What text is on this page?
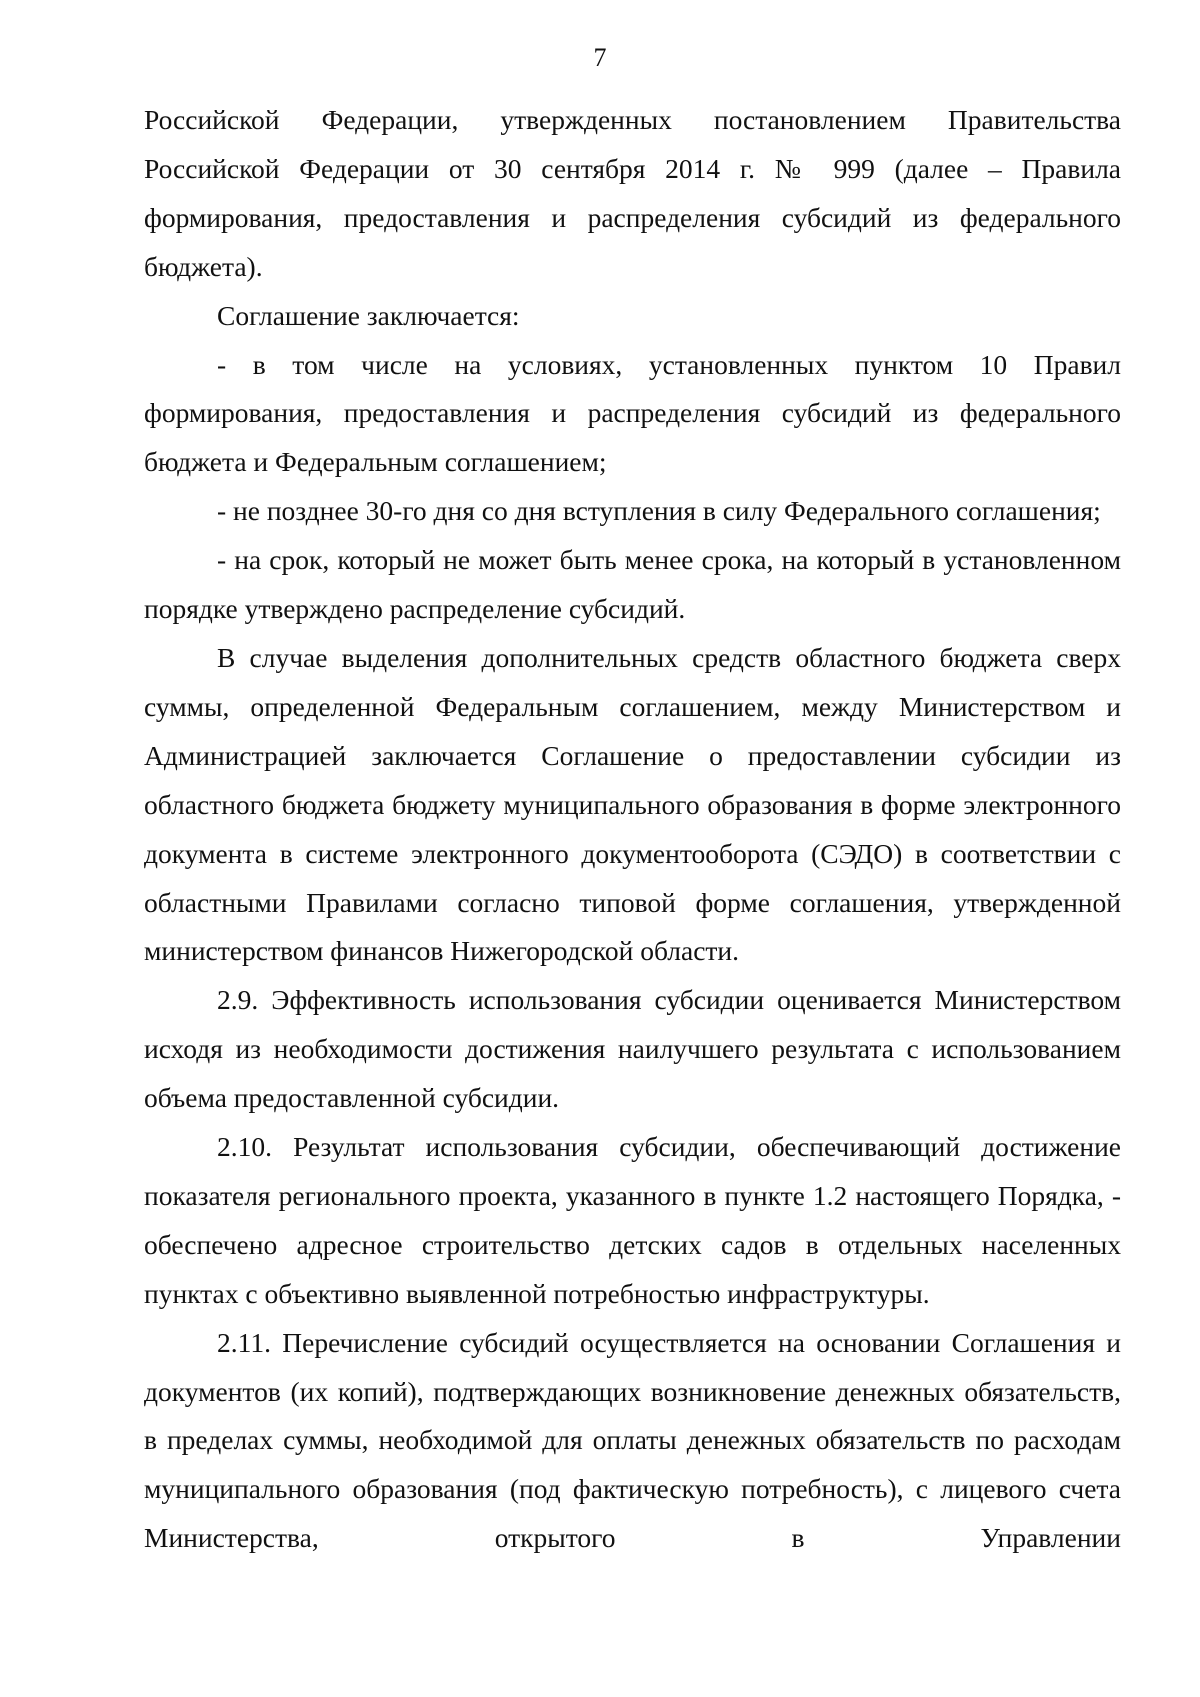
7

Российской Федерации, утвержденных постановлением Правительства Российской Федерации от 30 сентября 2014 г. № 999 (далее – Правила формирования, предоставления и распределения субсидий из федерального бюджета).

Соглашение заключается:

- в том числе на условиях, установленных пунктом 10 Правил формирования, предоставления и распределения субсидий из федерального бюджета и Федеральным соглашением;

- не позднее 30-го дня со дня вступления в силу Федерального соглашения;

- на срок, который не может быть менее срока, на который в установленном порядке утверждено распределение субсидий.

В случае выделения дополнительных средств областного бюджета сверх суммы, определенной Федеральным соглашением, между Министерством и Администрацией заключается Соглашение о предоставлении субсидии из областного бюджета бюджету муниципального образования в форме электронного документа в системе электронного документооборота (СЭДО) в соответствии с областными Правилами согласно типовой форме соглашения, утвержденной министерством финансов Нижегородской области.

2.9. Эффективность использования субсидии оценивается Министерством исходя из необходимости достижения наилучшего результата с использованием объема предоставленной субсидии.

2.10. Результат использования субсидии, обеспечивающий достижение показателя регионального проекта, указанного в пункте 1.2 настоящего Порядка, - обеспечено адресное строительство детских садов в отдельных населенных пунктах с объективно выявленной потребностью инфраструктуры.

2.11. Перечисление субсидий осуществляется на основании Соглашения и документов (их копий), подтверждающих возникновение денежных обязательств, в пределах суммы, необходимой для оплаты денежных обязательств по расходам муниципального образования (под фактическую потребность), с лицевого счета Министерства, открытого в Управлении
